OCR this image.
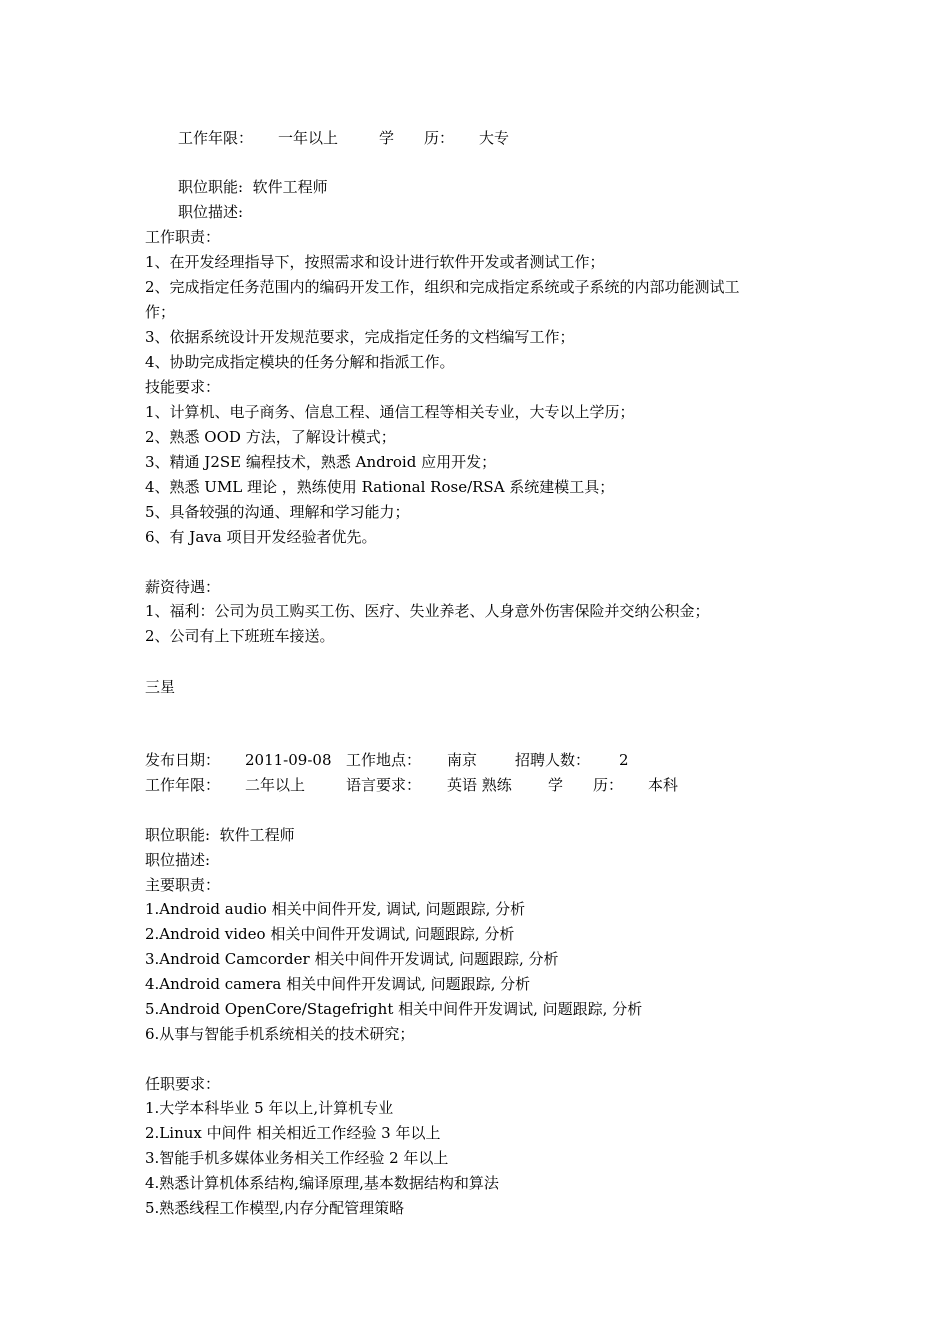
工作年限： 一年以上	学　　历： 大专
职位职能: 软件工程师
职位描述:
工作职责：
1、在开发经理指导下，按照需求和设计进行软件开发或者测试工作；
2、完成指定任务范围内的编码开发工作，组织和完成指定系统或子系统的内部功能测试工
作；
3、依据系统设计开发规范要求，完成指定任务的文档编写工作；
4、协助完成指定模块的任务分解和指派工作。
技能要求：
1、计算机、电子商务、信息工程、通信工程等相关专业，大专以上学历；
2、熟悉 OOD 方法，了解设计模式；
3、精通 J2SE 编程技术，熟悉 Android 应用开发；
4、熟悉 UML 理论 ，熟练使用 Rational Rose/RSA 系统建模工具；
5、具备较强的沟通、理解和学习能力；
6、有 Java 项目开发经验者优先。
薪资待遇：
1、福利：公司为员工购买工伤、医疗、失业养老、人身意外伤害保险并交纳公积金；
2、公司有上下班班车接送。
三星
发布日期： 2011-09-08 工作地点： 南京	招聘人数： 2
工作年限： 二年以上	语言要求： 英语 熟练 学　　历： 本科
职位职能: 软件工程师
职位描述:
主要职责：
1.Android audio 相关中间件开发, 调试, 问题跟踪, 分析
2.Android video 相关中间件开发调试, 问题跟踪, 分析
3.Android Camcorder 相关中间件开发调试, 问题跟踪, 分析
4.Android camera 相关中间件开发调试, 问题跟踪, 分析
5.Android OpenCore/Stagefright 相关中间件开发调试, 问题跟踪, 分析
6.从事与智能手机系统相关的技术研究；
任职要求：
1.大学本科毕业 5 年以上,计算机专业
2.Linux 中间件 相关相近工作经验 3 年以上
3.智能手机多媒体业务相关工作经验 2 年以上
4.熟悉计算机体系结构,编译原理,基本数据结构和算法
5.熟悉线程工作模型,内存分配管理策略
